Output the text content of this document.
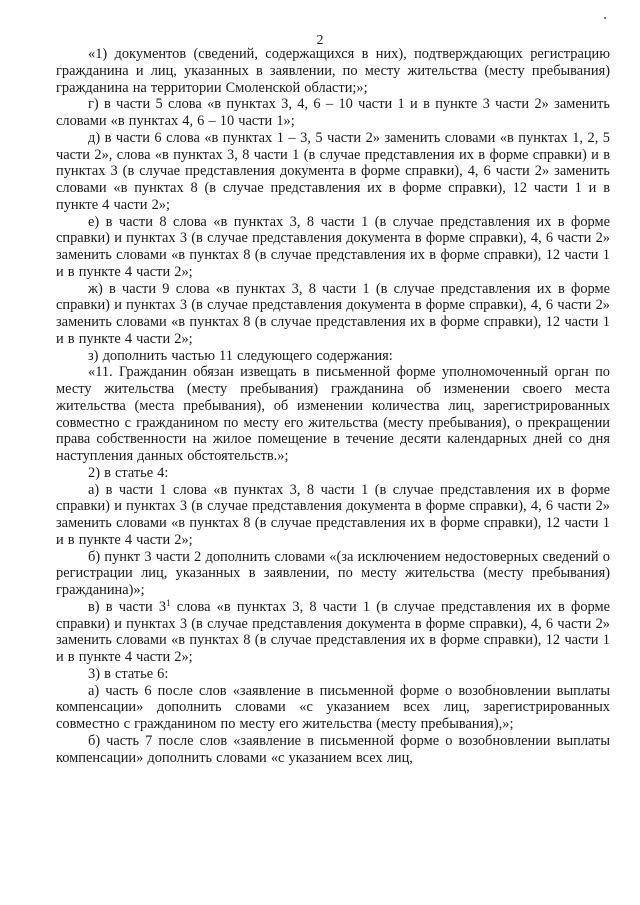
2

«1) документов (сведений, содержащихся в них), подтверждающих регистрацию гражданина и лиц, указанных в заявлении, по месту жительства (месту пребывания) гражданина на территории Смоленской области;»;

г) в части 5 слова «в пунктах 3, 4, 6 – 10 части 1 и в пункте 3 части 2» заменить словами «в пунктах 4, 6 – 10 части 1»;

д) в части 6 слова «в пунктах 1 – 3, 5 части 2» заменить словами «в пунктах 1, 2, 5 части 2», слова «в пунктах 3, 8 части 1 (в случае представления их в форме справки) и в пунктах 3 (в случае представления документа в форме справки), 4, 6 части 2» заменить словами «в пунктах 8 (в случае представления их в форме справки), 12 части 1 и в пункте 4 части 2»;

е) в части 8 слова «в пунктах 3, 8 части 1 (в случае представления их в форме справки) и пунктах 3 (в случае представления документа в форме справки), 4, 6 части 2» заменить словами «в пунктах 8 (в случае представления их в форме справки), 12 части 1 и в пункте 4 части 2»;

ж) в части 9 слова «в пунктах 3, 8 части 1 (в случае представления их в форме справки) и пунктах 3 (в случае представления документа в форме справки), 4, 6 части 2» заменить словами «в пунктах 8 (в случае представления их в форме справки), 12 части 1 и в пункте 4 части 2»;

з) дополнить частью 11 следующего содержания:

«11. Гражданин обязан извещать в письменной форме уполномоченный орган по месту жительства (месту пребывания) гражданина об изменении своего места жительства (места пребывания), об изменении количества лиц, зарегистрированных совместно с гражданином по месту его жительства (месту пребывания), о прекращении права собственности на жилое помещение в течение десяти календарных дней со дня наступления данных обстоятельств.»;

2) в статье 4:

а) в части 1 слова «в пунктах 3, 8 части 1 (в случае представления их в форме справки) и пунктах 3 (в случае представления документа в форме справки), 4, 6 части 2» заменить словами «в пунктах 8 (в случае представления их в форме справки), 12 части 1 и в пункте 4 части 2»;

б) пункт 3 части 2 дополнить словами «(за исключением недостоверных сведений о регистрации лиц, указанных в заявлении, по месту жительства (месту пребывания) гражданина)»;

в) в части $3^1$ слова «в пунктах 3, 8 части 1 (в случае представления их в форме справки) и пунктах 3 (в случае представления документа в форме справки), 4, 6 части 2» заменить словами «в пунктах 8 (в случае представления их в форме справки), 12 части 1 и в пункте 4 части 2»;

3) в статье 6:

а) часть 6 после слов «заявление в письменной форме о возобновлении выплаты компенсации» дополнить словами «с указанием всех лиц, зарегистрированных совместно с гражданином по месту его жительства (месту пребывания),»;

б) часть 7 после слов «заявление в письменной форме о возобновлении выплаты компенсации» дополнить словами «с указанием всех лиц,
